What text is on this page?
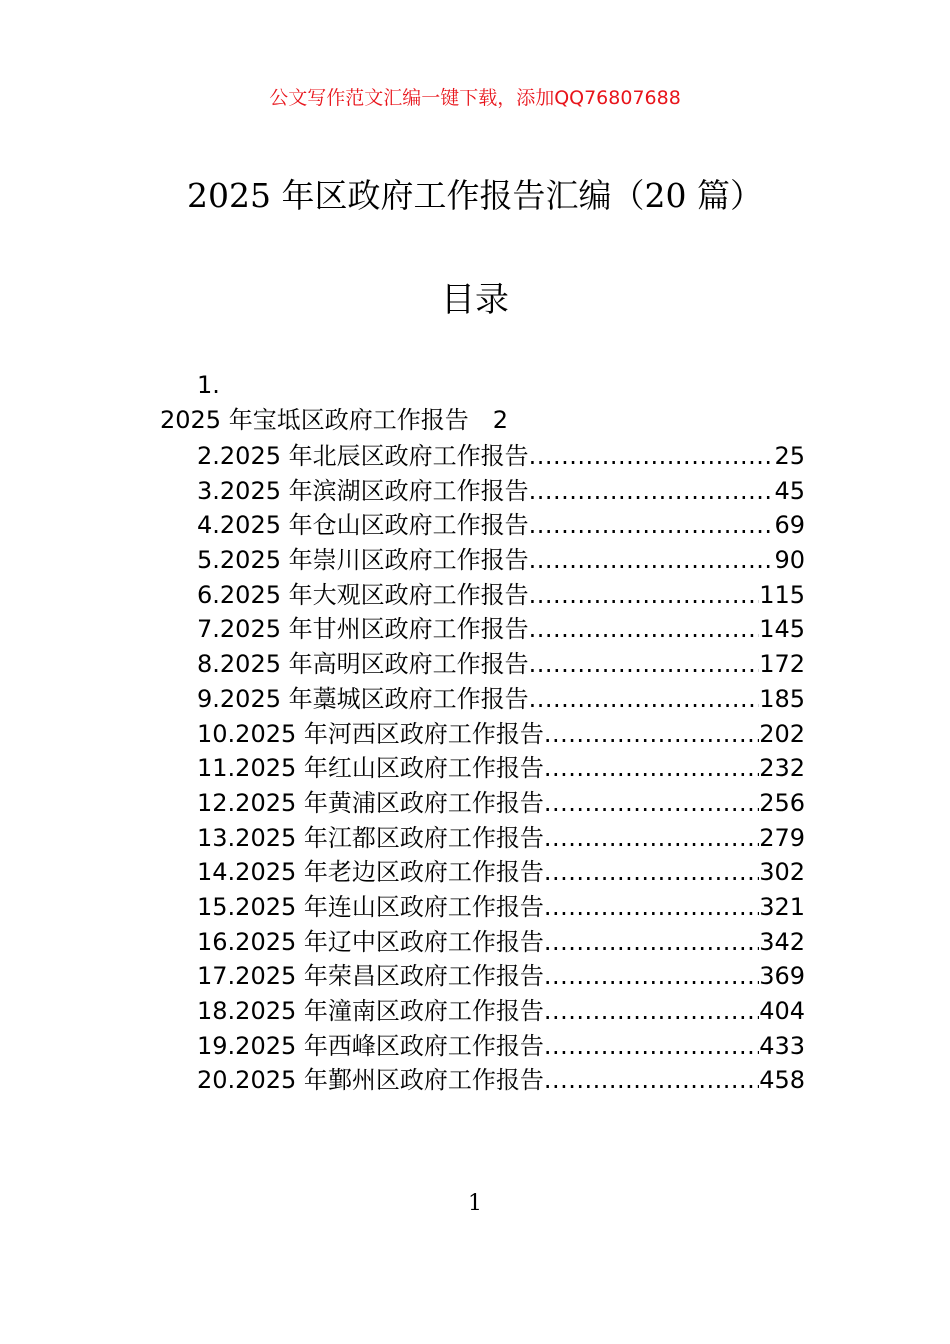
公文写作范文汇编一键下载，添加QQ76807688
2025 年区政府工作报告汇编（20 篇）
目录
1.
2025 年宝坻区政府工作报告 2
2.2025 年北辰区政府工作报告 .....	25
3.2025 年滨湖区政府工作报告 .....	45
4.2025 年仓山区政府工作报告 .....	69
5.2025 年崇川区政府工作报告 .....	90
6.2025 年大观区政府工作报告 .....	115
7.2025 年甘州区政府工作报告 .....	145
8.2025 年高明区政府工作报告 .....	172
9.2025 年藁城区政府工作报告 .....	185
10.2025 年河西区政府工作报告 .....	202
11.2025 年红山区政府工作报告 .....	232
12.2025 年黄浦区政府工作报告 .....	256
13.2025 年江都区政府工作报告 .....	279
14.2025 年老边区政府工作报告 .....	302
15.2025 年连山区政府工作报告 .....	321
16.2025 年辽中区政府工作报告 .....	342
17.2025 年荣昌区政府工作报告 .....	369
18.2025 年潼南区政府工作报告 .....	404
19.2025 年西峰区政府工作报告 .....	433
20.2025 年鄞州区政府工作报告 .....	458
1
